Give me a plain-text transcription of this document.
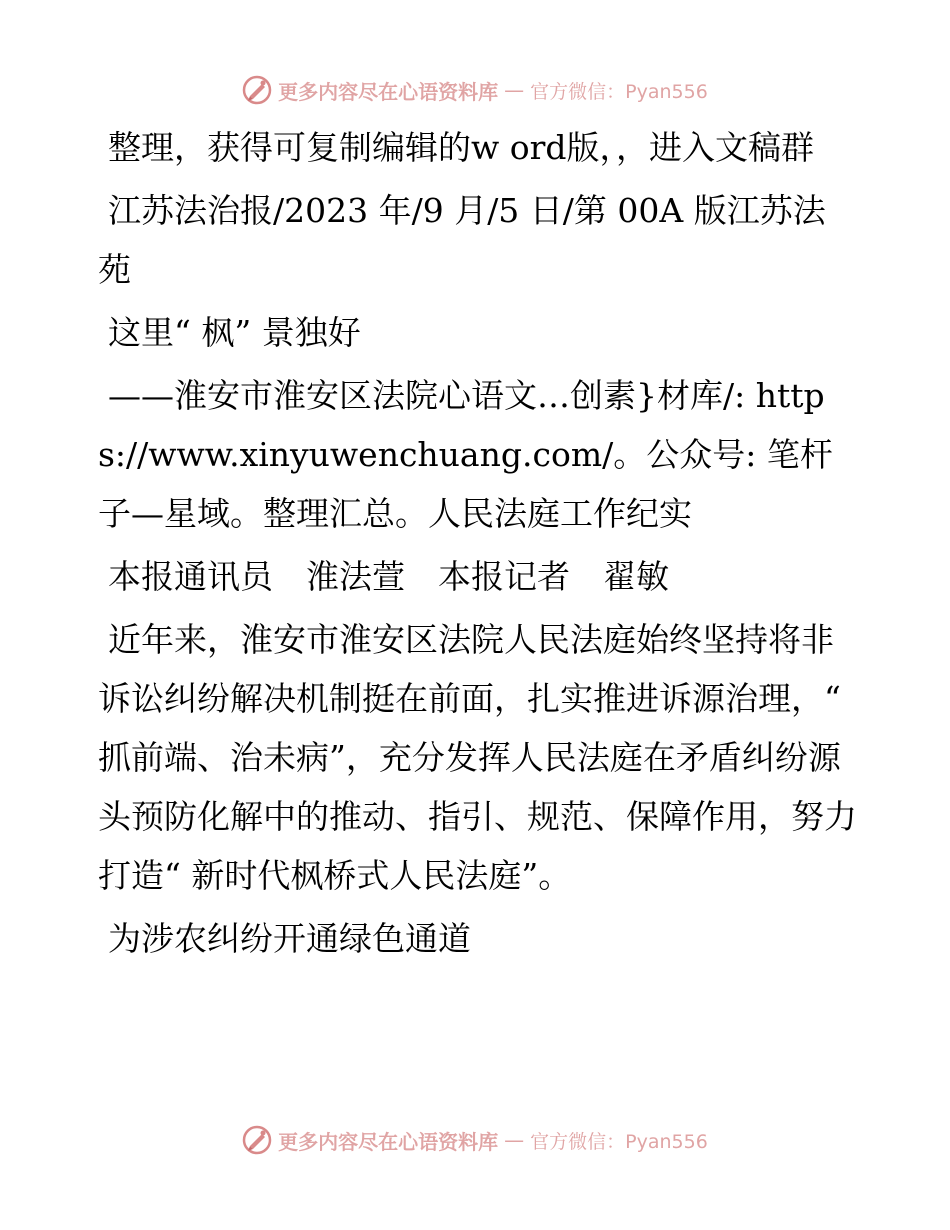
更多内容尽在心语资料库 — 官方微信：Pyan556

整理，获得可复制编辑的w ord版，，进入文稿群

江苏法治报/2023 年/9 月/5 日/第 00A 版江苏法苑

这里“ 枫” 景独好

——淮安市淮安区法院心语文…创素}材库/: https://www.xinyuwenchuang.com/。公众号: 笔杆子—星域。整理汇总。人民法庭工作纪实

本报通讯员　淮法萱　本报记者　翟敏

近年来，淮安市淮安区法院人民法庭始终坚持将非诉讼纠纷解决机制挺在前面，扎实推进诉源治理，“ 抓前端、治未病”，充分发挥人民法庭在矛盾纠纷源头预防化解中的推动、指引、规范、保障作用，努力打造“ 新时代枫桥式人民法庭”。

为涉农纠纷开通绿色通道

更多内容尽在心语资料库 — 官方微信：Pyan556
